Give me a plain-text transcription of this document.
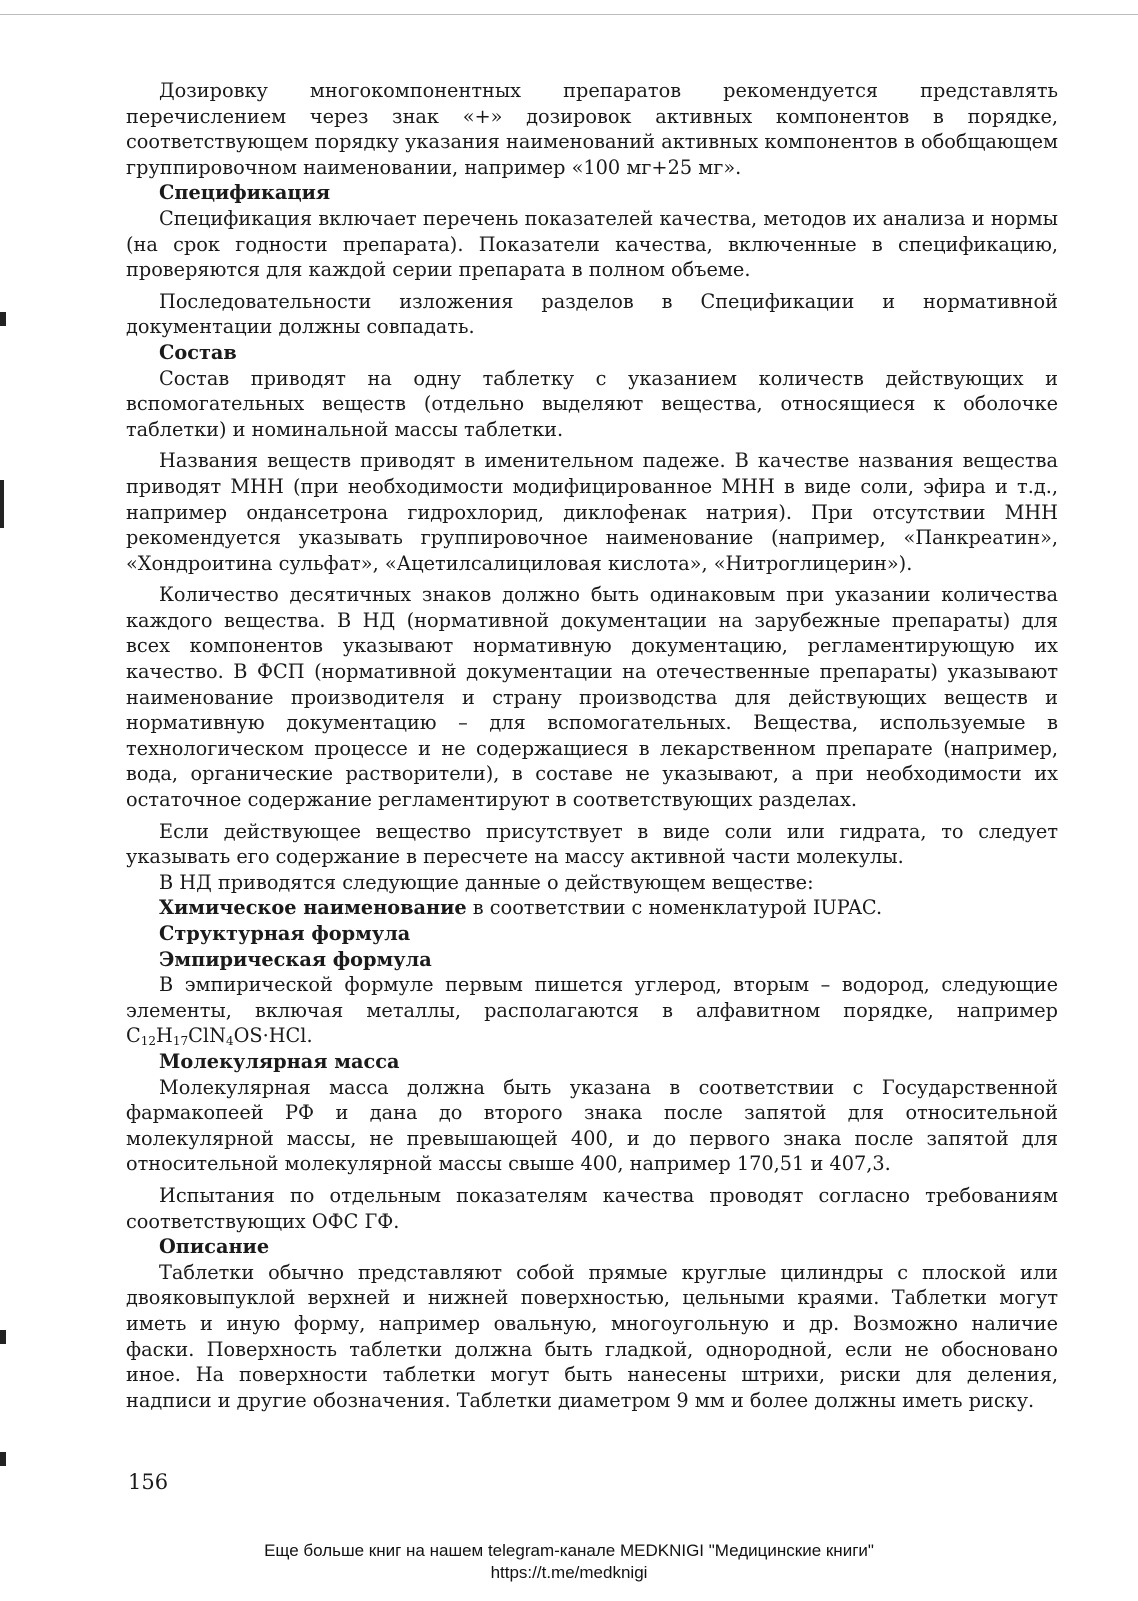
Дозировку многокомпонентных препаратов рекомендуется представлять перечислением через знак «+» дозировок активных компонентов в порядке, соответствующем порядку указания наименований активных компонентов в обобщающем группировочном наименовании, например «100 мг+25 мг».

Спецификация

Спецификация включает перечень показателей качества, методов их анализа и нормы (на срок годности препарата). Показатели качества, включенные в спецификацию, проверяются для каждой серии препарата в полном объеме.

Последовательности изложения разделов в Спецификации и нормативной документации должны совпадать.

Состав

Состав приводят на одну таблетку с указанием количеств действующих и вспомогательных веществ (отдельно выделяют вещества, относящиеся к оболочке таблетки) и номинальной массы таблетки.

Названия веществ приводят в именительном падеже. В качестве названия вещества приводят МНН (при необходимости модифицированное МНН в виде соли, эфира и т.д., например ондансетрона гидрохлорид, диклофенак натрия). При отсутствии МНН рекомендуется указывать группировочное наименование (например, «Панкреатин», «Хондроитина сульфат», «Ацетилсалициловая кислота», «Нитроглицерин»).

Количество десятичных знаков должно быть одинаковым при указании количества каждого вещества. В НД (нормативной документации на зарубежные препараты) для всех компонентов указывают нормативную документацию, регламентирующую их качество. В ФСП (нормативной документации на отечественные препараты) указывают наименование производителя и страну производства для действующих веществ и нормативную документацию – для вспомогательных. Вещества, используемые в технологическом процессе и не содержащиеся в лекарственном препарате (например, вода, органические растворители), в составе не указывают, а при необходимости их остаточное содержание регламентируют в соответствующих разделах.

Если действующее вещество присутствует в виде соли или гидрата, то следует указывать его содержание в пересчете на массу активной части молекулы.

В НД приводятся следующие данные о действующем веществе:

Химическое наименование в соответствии с номенклатурой IUPAC.

Структурная формула

Эмпирическая формула

В эмпирической формуле первым пишется углерод, вторым – водород, следующие элементы, включая металлы, располагаются в алфавитном порядке, например $C_{12}H_{17}ClN_4OS\cdot HCl$.

Молекулярная масса

Молекулярная масса должна быть указана в соответствии с Государственной фармакопеей РФ и дана до второго знака после запятой для относительной молекулярной массы, не превышающей 400, и до первого знака после запятой для относительной молекулярной массы свыше 400, например 170,51 и 407,3.

Испытания по отдельным показателям качества проводят согласно требованиям соответствующих ОФС ГФ.

Описание

Таблетки обычно представляют собой прямые круглые цилиндры с плоской или двояковыпуклой верхней и нижней поверхностью, цельными краями. Таблетки могут иметь и иную форму, например овальную, многоугольную и др. Возможно наличие фаски. Поверхность таблетки должна быть гладкой, однородной, если не обосновано иное. На поверхности таблетки могут быть нанесены штрихи, риски для деления, надписи и другие обозначения. Таблетки диаметром 9 мм и более должны иметь риску.

156
Еще больше книг на нашем telegram-канале MEDKNIGI "Медицинские книги"
https://t.me/medknigi
